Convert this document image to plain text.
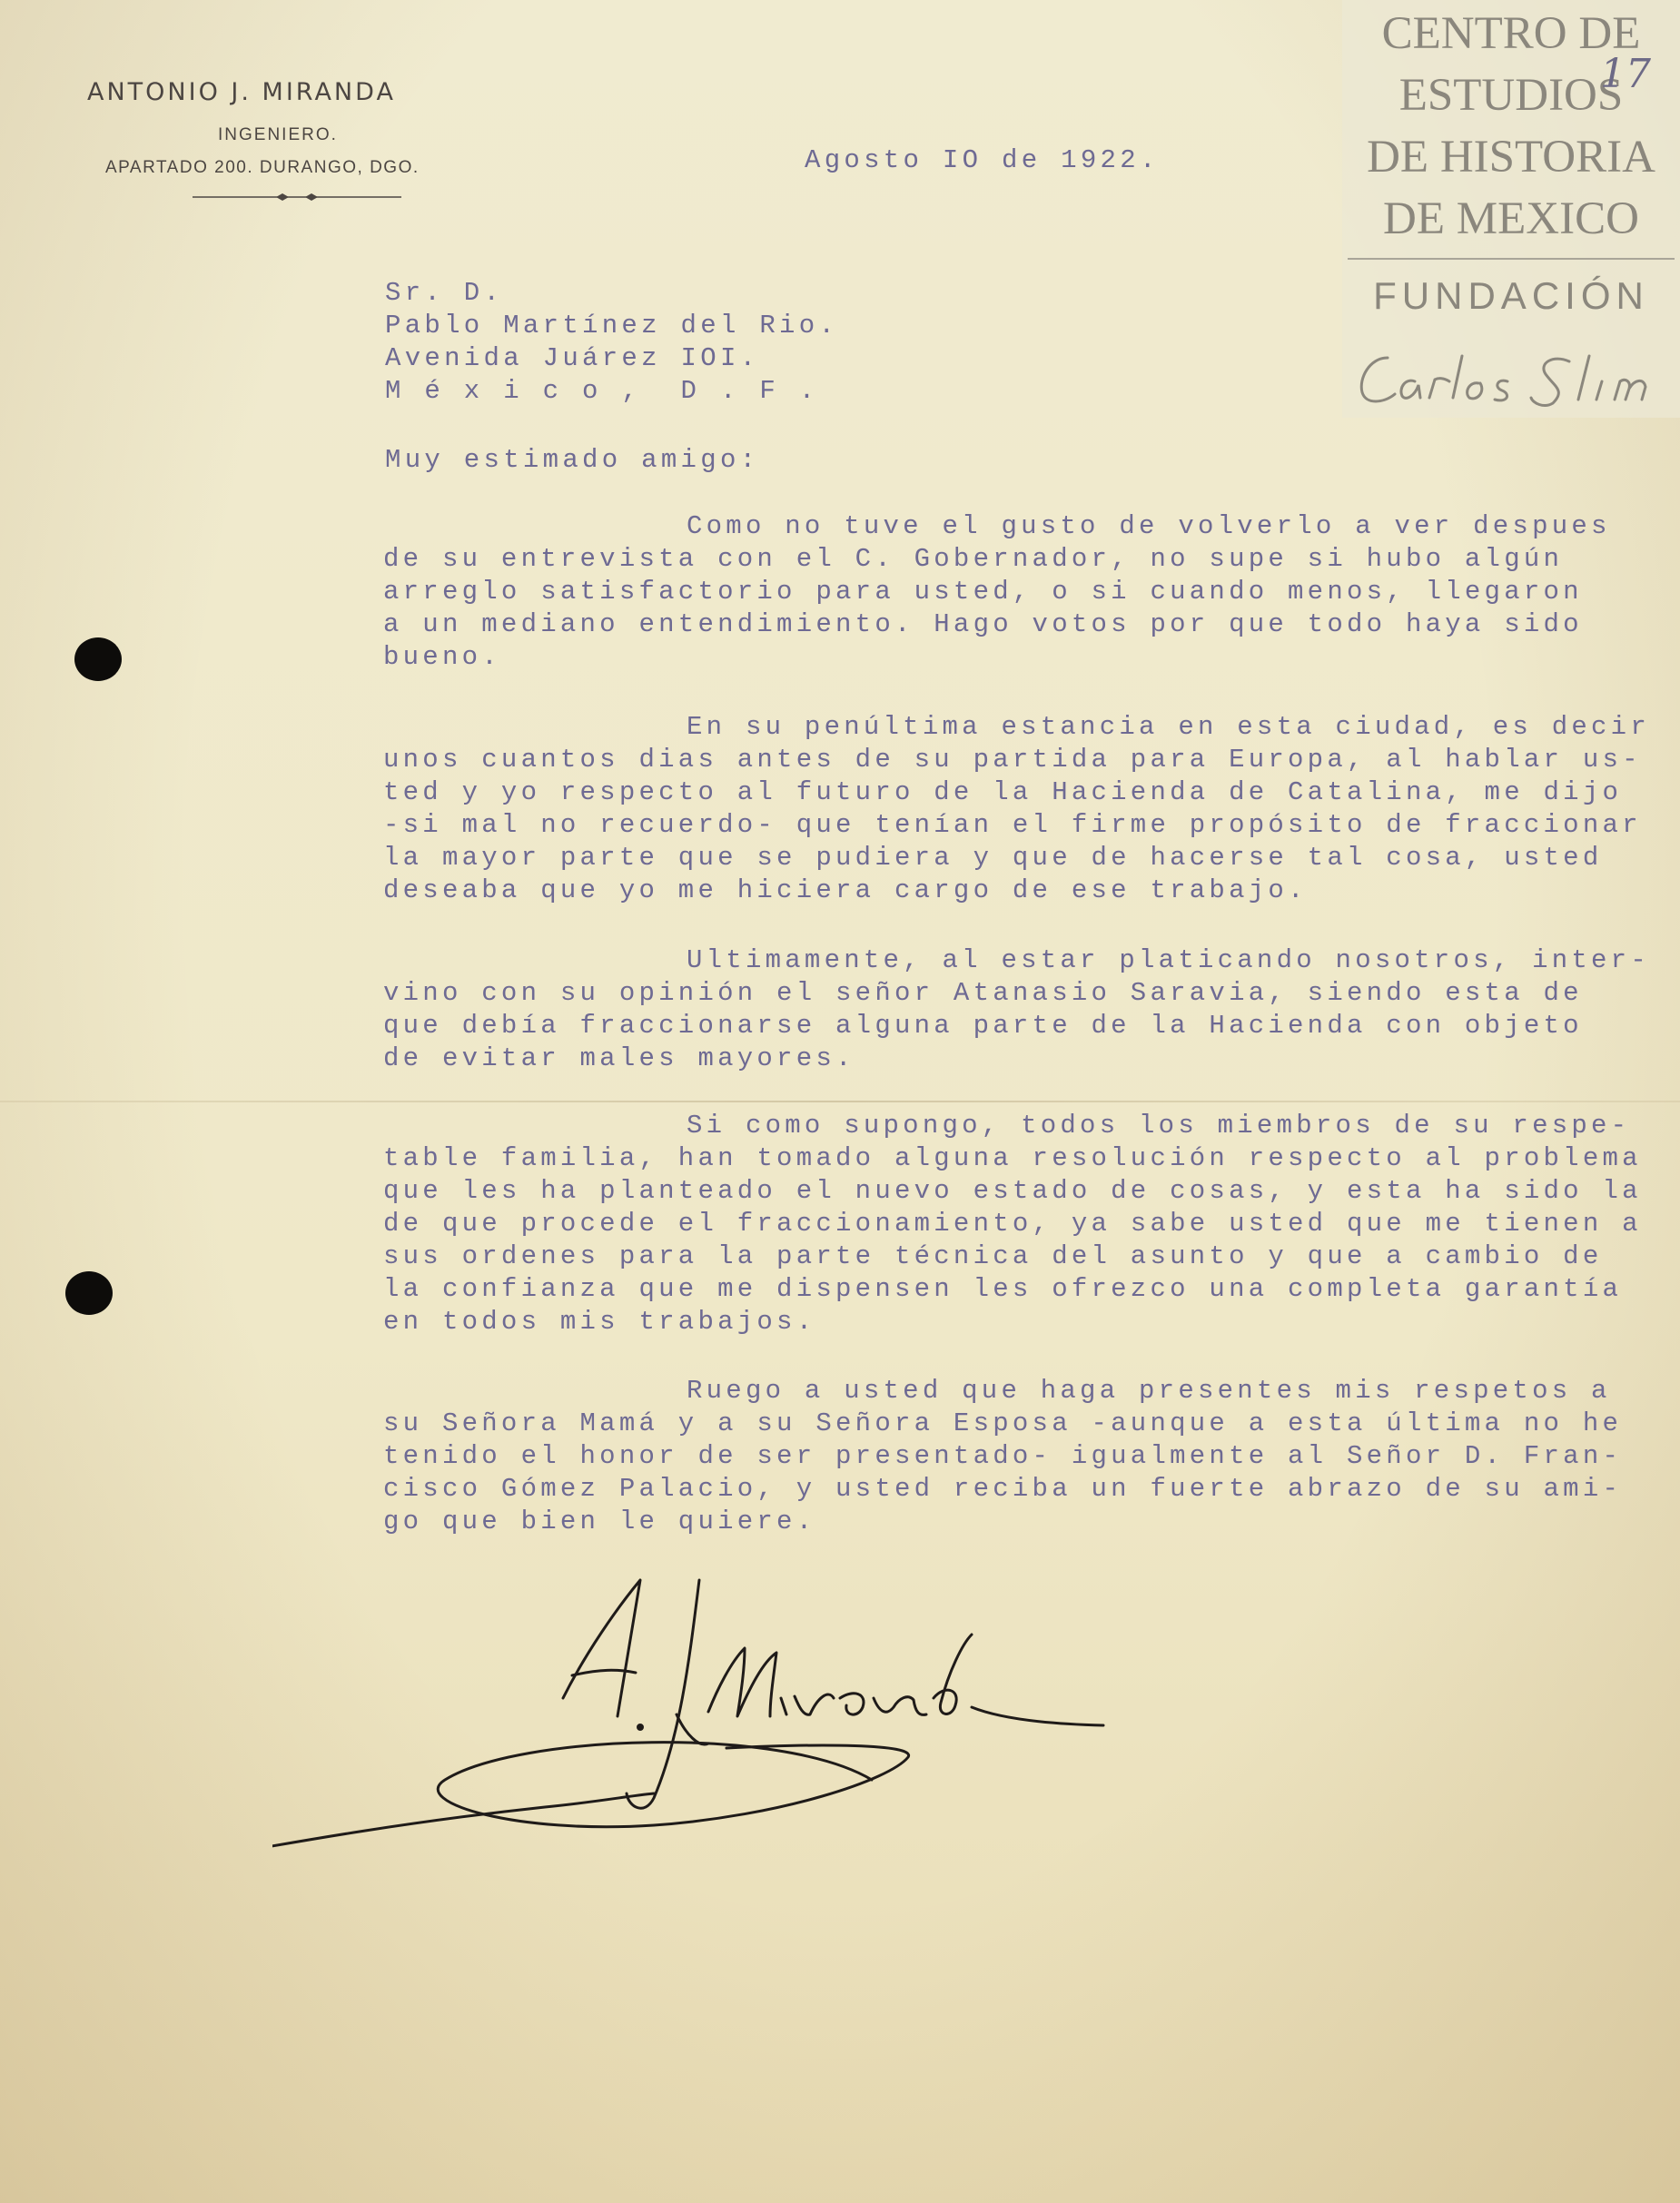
ANTONIO J. MIRANDA
INGENIERO.
APARTADO 200. DURANGO, DGO.	Agosto IO de 1922.
Sr. D.
Pablo Martínez del Rio.
Avenida Juárez IOI.
M é x i c o ,  D . F .
Muy estimado amigo:
Como no tuve el gusto de volverlo a ver despues
de su entrevista con el C. Gobernador, no supe si hubo algún
arreglo satisfactorio para usted, o si cuando menos, llegaron
a un mediano entendimiento. Hago votos por que todo haya sido
bueno.
En su penúltima estancia en esta ciudad, es decir
unos cuantos dias antes de su partida para Europa, al hablar us-
ted y yo respecto al futuro de la Hacienda de Catalina, me dijo
-si mal no recuerdo- que tenían el firme propósito de fraccionar
la mayor parte que se pudiera y que de hacerse tal cosa, usted
deseaba que yo me hiciera cargo de ese trabajo.
Ultimamente, al estar platicando nosotros, inter-
vino con su opinión el señor Atanasio Saravia, siendo esta de
que debía fraccionarse alguna parte de la Hacienda con objeto
de evitar males mayores.
Si como supongo, todos los miembros de su respe-
table familia, han tomado alguna resolución respecto al problema
que les ha planteado el nuevo estado de cosas, y esta ha sido la
de que procede el fraccionamiento, ya sabe usted que me tienen a
sus ordenes para la parte técnica del asunto y que a cambio de
la confianza que me dispensen les ofrezco una completa garantía
en todos mis trabajos.
Ruego a usted que haga presentes mis respetos a
su Señora Mamá y a su Señora Esposa -aunque a esta última no he
tenido el honor de ser presentado- igualmente al Señor D. Fran-
cisco Gómez Palacio, y usted reciba un fuerte abrazo de su ami-
go que bien le quiere.
CENTRO DE
ESTUDIOS
DE HISTORIA
DE MEXICO
FUNDACIÓN
17
